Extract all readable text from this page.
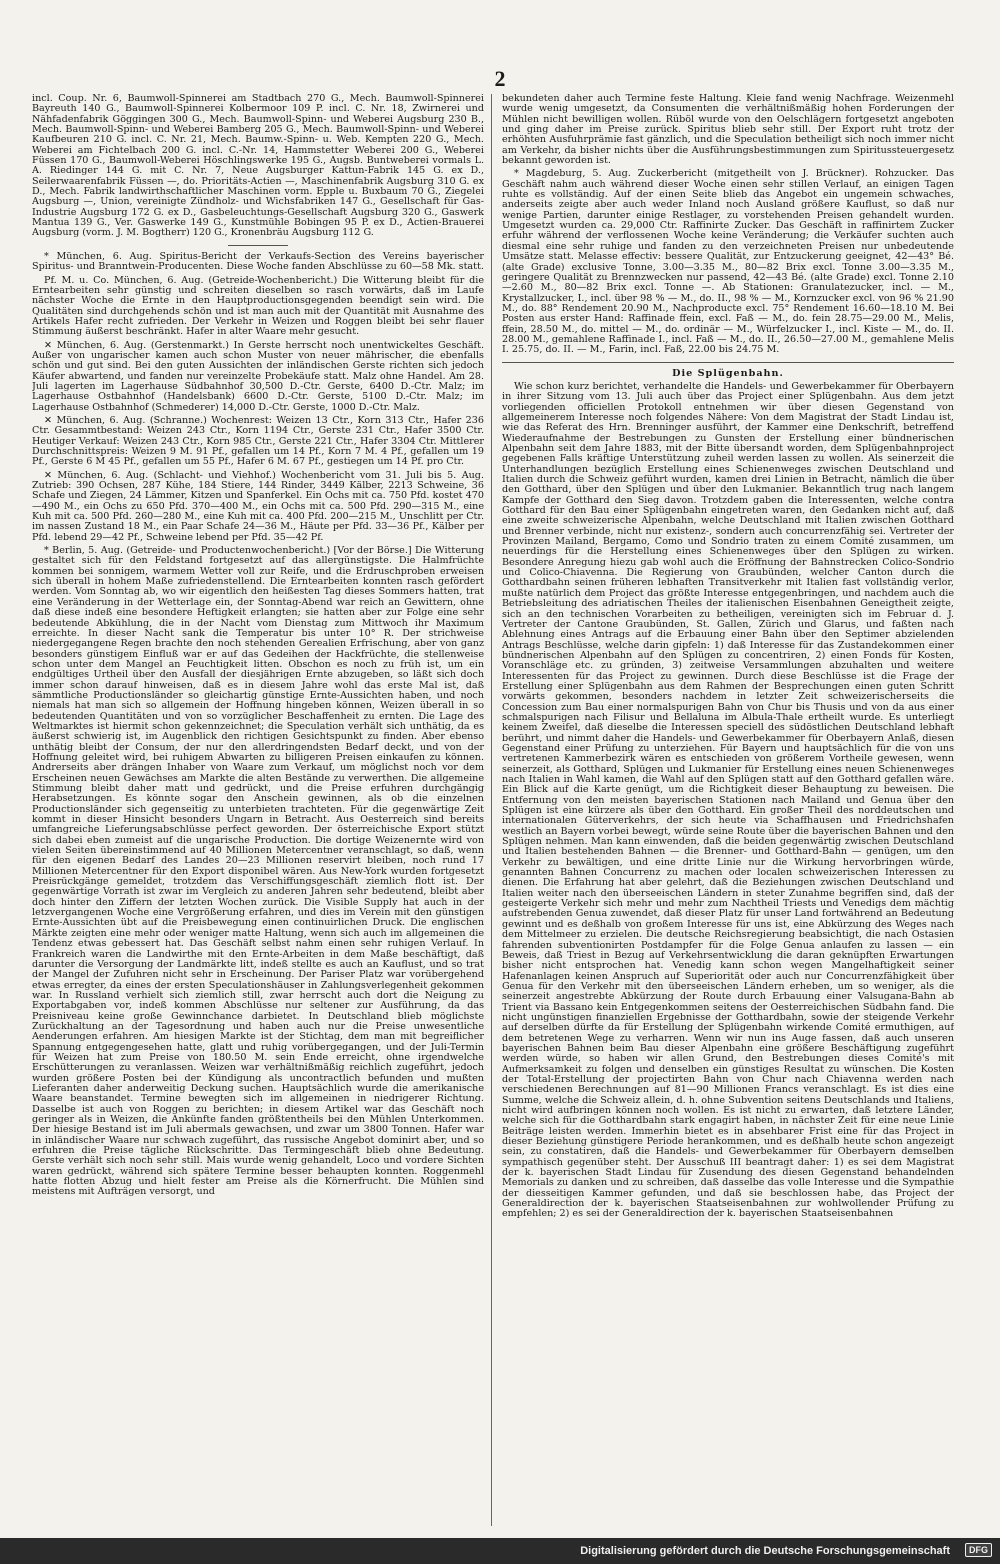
2

incl. Coup. Nr. 6, Baumwoll-Spinnerei am Stadtbach 270 G., Mech. Baumwoll-Spinnerei Bayreuth 140 G., Baumwoll-Spinnerei Kolbermoor 109 P. incl. C. Nr. 18, Zwirnerei und Nähfadenfabrik Göggingen 300 G., Mech. Baumwoll-Spinn- und Weberei Augsburg 230 B., Mech. Baumwoll-Spinn- und Weberei Bamberg 205 G., Mech. Baumwoll-Spinn- und Weberei Kaufbeuren 210 G. incl. C. Nr. 21, Mech. Baumw.-Spinn- u. Web. Kempten 220 G., Mech. Weberei am Fichtelbach 200 G. incl. C.-Nr. 14, Hammstetter Weberei 200 G., Weberei Füssen 170 G., Baumwoll-Weberei Höschlingswerke 195 G., Augsb. Buntweberei vormals L. A. Riedinger 144 G. mit C. Nr. 7, Neue Augsburger Kattun-Fabrik 145 G. ex D., Seilerwaarenfabrik Füssen —, do. Prioritäts-Actien —, Maschinenfabrik Augsburg 310 G. ex D., Mech. Fabrik landwirthschaftlicher Maschinen vorm. Epple u. Buxbaum 70 G., Ziegelei Augsburg —, Union, vereinigte Zündholz- und Wichsfabriken 147 G., Gesellschaft für Gas-Industrie Augsburg 172 G. ex D., Gasbeleuchtungs-Gesellschaft Augsburg 320 G., Gaswerk Mantua 139 G., Ver. Gaswerke 149 G., Kunstmühle Bobingen 95 P. ex D., Actien-Brauerei Augsburg (vorm. J. M. Bogtherr) 120 G., Kronenbräu Augsburg 112 G.

* München, 6. Aug. Spiritus-Bericht der Verkaufs-Section des Vereins bayerischer Spiritus- und Branntwein-Producenten. Diese Woche fanden Abschlüsse zu 60—58 Mk. statt.

Pf. M. u. Co. München, 6. Aug. (Getreide-Wochenbericht.) Die Witterung bleibt für die Erntearbeiten sehr günstig und schreiten dieselben so rasch vorwärts, daß im Laufe nächster Woche die Ernte in den Hauptproductionsgegenden beendigt sein wird. Die Qualitäten sind durchgehends schön und ist man auch mit der Quantität mit Ausnahme des Artikels Hafer recht zufrieden. Der Verkehr in Weizen und Roggen bleibt bei sehr flauer Stimmung äußerst beschränkt. Hafer in alter Waare mehr gesucht.

✕ München, 6. Aug. (Gerstenmarkt.) In Gerste herrscht noch unentwickeltes Geschäft. Außer von ungarischer kamen auch schon Muster von neuer mährischer, die ebenfalls schön und gut sind. Bei den guten Aussichten der inländischen Gerste richten sich jedoch Käufer abwartend, und fanden nur vereinzelte Probekäufe statt. Malz ohne Handel. Am 28. Juli lagerten im Lagerhause Südbahnhof 30,500 D.-Ctr. Gerste, 6400 D.-Ctr. Malz; im Lagerhause Ostbahnhof (Handelsbank) 6600 D.-Ctr. Gerste, 5100 D.-Ctr. Malz; im Lagerhause Ostbahnhof (Schmederer) 14,000 D.-Ctr. Gerste, 1000 D.-Ctr. Malz.

✕ München, 6. Aug. (Schranne.) Wochenrest: Weizen 13 Ctr., Korn 313 Ctr., Hafer 236 Ctr. Gesammtbestand: Weizen 243 Ctr., Korn 1194 Ctr., Gerste 231 Ctr., Hafer 3500 Ctr. Heutiger Verkauf: Weizen 243 Ctr., Korn 985 Ctr., Gerste 221 Ctr., Hafer 3304 Ctr. Mittlerer Durchschnittspreis: Weizen 9 M. 91 Pf., gefallen um 14 Pf., Korn 7 M. 4 Pf., gefallen um 19 Pf., Gerste 6 M 45 Pf., gefallen um 55 Pf., Hafer 6 M. 67 Pf., gestiegen um 14 Pf. pro Ctr.

✕ München, 6. Aug. (Schlacht- und Viehhof.) Wochenbericht vom 31. Juli bis 5. Aug. Zutrieb: 390 Ochsen, 287 Kühe, 184 Stiere, 144 Rinder, 3449 Kälber, 2213 Schweine, 36 Schafe und Ziegen, 24 Lämmer, Kitzen und Spanferkel. Ein Ochs mit ca. 750 Pfd. kostet 470—490 M., ein Ochs zu 650 Pfd. 370—400 M., ein Ochs mit ca. 500 Pfd. 290—315 M., eine Kuh mit ca. 500 Pfd. 260—280 M., eine Kuh mit ca. 400 Pfd. 200—215 M., Unschlitt per Ctr. im nassen Zustand 18 M., ein Paar Schafe 24—36 M., Häute per Pfd. 33—36 Pf., Kälber per Pfd. lebend 29—42 Pf., Schweine lebend per Pfd. 35—42 Pf.

* Berlin, 5. Aug. (Getreide- und Productenwochenbericht.) [Vor der Börse.] Die Witterung gestaltet sich für den Feldstand fortgesetzt auf das allergünstigste. Die Halmfrüchte kommen bei sonnigem, warmem Wetter voll zur Reife, und die Erdruschproben erweisen sich überall in hohem Maße zufriedenstellend. Die Erntearbeiten konnten rasch gefördert werden. Vom Sonntag ab, wo wir eigentlich den heißesten Tag dieses Sommers hatten, trat eine Veränderung in der Wetterlage ein, der Sonntag-Abend war reich an Gewittern, ohne daß diese indeß eine besondere Heftigkeit erlangten; sie hatten aber zur Folge eine sehr bedeutende Abkühlung, die in der Nacht vom Dienstag zum Mittwoch ihr Maximum erreichte. In dieser Nacht sank die Temperatur bis unter 10° R. Der strichweise niedergegangene Regen brachte den noch stehenden Gerealien Erfrischung, aber von ganz besonders günstigem Einfluß war er auf das Gedeihen der Hackfrüchte, die stellenweise schon unter dem Mangel an Feuchtigkeit litten. Obschon es noch zu früh ist, um ein endgültiges Urtheil über den Ausfall der diesjährigen Ernte abzugeben, so läßt sich doch immer schon darauf hinweisen, daß es in diesem Jahre wohl das erste Mal ist, daß sämmtliche Productionsländer so gleichartig günstige Ernte-Aussichten haben, und noch niemals hat man sich so allgemein der Hoffnung hingeben können, Weizen überall in so bedeutenden Quantitäten und von so vorzüglicher Beschaffenheit zu ernten. Die Lage des Weltmarktes ist hiermit schon gekennzeichnet; die Speculation verhält sich unthätig, da es äußerst schwierig ist, im Augenblick den richtigen Gesichtspunkt zu finden. Aber ebenso unthätig bleibt der Consum, der nur den allerdringendsten Bedarf deckt, und von der Hoffnung geleitet wird, bei ruhigem Abwarten zu billigeren Preisen einkaufen zu können. Andrerseits aber drängen Inhaber von Waare zum Verkauf, um möglichst noch vor dem Erscheinen neuen Gewächses am Markte die alten Bestände zu verwerthen. Die allgemeine Stimmung bleibt daher matt und gedrückt, und die Preise erfuhren durchgängig Herabsetzungen. Es könnte sogar den Anschein gewinnen, als ob die einzelnen Productionsländer sich gegenseitig zu unterbieten trachteten. Für die gegenwärtige Zeit kommt in dieser Hinsicht besonders Ungarn in Betracht. Aus Oesterreich sind bereits umfangreiche Lieferungsabschlüsse perfect geworden. Der österreichische Export stützt sich dabei eben zumeist auf die ungarische Production. Die dortige Weizenernte wird von vielen Seiten übereinstimmend auf 40 Millionen Metercentner veranschlagt, so daß, wenn für den eigenen Bedarf des Landes 20—23 Millionen reservirt bleiben, noch rund 17 Millionen Metercentner für den Export disponibel wären. Aus New-York wurden fortgesetzt Preisrückgänge gemeldet, trotzdem das Verschiffungsgeschäft ziemlich flott ist. Der gegenwärtige Vorrath ist zwar im Vergleich zu anderen Jahren sehr bedeutend, bleibt aber doch hinter den Ziffern der letzten Wochen zurück. Die Visible Supply hat auch in der letzvergangenen Woche eine Vergrößerung erfahren, und dies im Verein mit den günstigen Ernte-Aussichten übt auf die Preisbewegung einen continuirlichen Druck. Die englischen Märkte zeigten eine mehr oder weniger matte Haltung, wenn sich auch im allgemeinen die Tendenz etwas gebessert hat. Das Geschäft selbst nahm einen sehr ruhigen Verlauf. In Frankreich waren die Landwirthe mit den Ernte-Arbeiten in dem Maße beschäftigt, daß darunter die Versorgung der Landmärkte litt, indeß stellte es auch an Kauflust, und so trat der Mangel der Zufuhren nicht sehr in Erscheinung. Der Pariser Platz war vorübergehend etwas erregter, da eines der ersten Speculationshäuser in Zahlungsverlegenheit gekommen war. In Russland verhielt sich ziemlich still, zwar herrscht auch dort die Neigung zu Exportabgaben vor, indeß kommen Abschlüsse nur seltener zur Ausführung, da das Preisniveau keine große Gewinnchance darbietet. In Deutschland blieb möglichste Zurückhaltung an der Tagesordnung und haben auch nur die Preise unwesentliche Aenderungen erfahren. Am hiesigen Markte ist der Stichtag, dem man mit begreiflicher Spannung entgegengesehen hatte, glatt und ruhig vorübergegangen, und der Juli-Termin für Weizen hat zum Preise von 180.50 M. sein Ende erreicht, ohne irgendwelche Erschütterungen zu veranlassen. Weizen war verhältnißmäßig reichlich zugeführt, jedoch wurden größere Posten bei der Kündigung als uncontractlich befunden und mußten Lieferanten daher anderweitig Deckung suchen. Hauptsächlich wurde die amerikanische Waare beanstandet. Termine bewegten sich im allgemeinen in niedrigerer Richtung. Dasselbe ist auch von Roggen zu berichten; in diesem Artikel war das Geschäft noch geringer als in Weizen, die Ankünfte fanden größtentheils bei den Mühlen Unterkommen. Der hiesige Bestand ist im Juli abermals gewachsen, und zwar um 3800 Tonnen. Hafer war in inländischer Waare nur schwach zugeführt, das russische Angebot dominirt aber, und so erfuhren die Preise tägliche Rückschritte. Das Termingeschäft blieb ohne Bedeutung. Gerste verhält sich noch sehr still. Mais wurde wenig gehandelt, Loco und vordere Sichten waren gedrückt, während sich spätere Termine besser behaupten konnten. Roggenmehl hatte flotten Abzug und hielt fester am Preise als die Körnerfrucht. Die Mühlen sind meistens mit Aufträgen versorgt, und

bekundeten daher auch Termine feste Haltung. Kleie fand wenig Nachfrage. Weizenmehl wurde wenig umgesetzt, da Consumenten die verhältnißmäßig hohen Forderungen der Mühlen nicht bewilligen wollen. Rüböl wurde von den Oelschlägern fortgesetzt angeboten und ging daher im Preise zurück. Spiritus blieb sehr still. Der Export ruht trotz der erhöhten Ausfuhrprämie fast gänzlich, und die Speculation betheiligt sich noch immer nicht am Verkehr, da bisher nichts über die Ausführungsbestimmungen zum Spiritussteuergesetz bekannt geworden ist.

* Magdeburg, 5. Aug. Zuckerbericht (mitgetheilt von J. Brückner). Rohzucker. Das Geschäft nahm auch während dieser Woche einen sehr stillen Verlauf, an einigen Tagen ruhte es vollständig. Auf der einen Seite blieb das Angebot ein ungemein schwaches, anderseits zeigte aber auch weder Inland noch Ausland größere Kauflust, so daß nur wenige Partien, darunter einige Restlager, zu vorstehenden Preisen gehandelt wurden. Umgesetzt wurden ca. 29,000 Ctr. Raffinirte Zucker. Das Geschäft in raffinirtem Zucker erfuhr während der verflossenen Woche keine Veränderung; die Verkäufer suchten auch diesmal eine sehr ruhige und fanden zu den verzeichneten Preisen nur unbedeutende Umsätze statt. Melasse effectiv: bessere Qualität, zur Entzuckerung geeignet, 42—43° Bé. (alte Grade) exclusive Tonne, 3.00—3.35 M., 80—82 Brix excl. Tonne 3.00—3.35 M., geringere Qualität zu Brennzwecken nur passend, 42—43 Bé. (alte Grade) excl. Tonne 2.10—2.60 M., 80—82 Brix excl. Tonne —. Ab Stationen: Granulatezucker, incl. — M., Krystallzucker, I., incl. über 98 % — M., do. II., 98 % — M., Kornzucker excl. von 96 % 21.90 M., do. 88° Rendement 20.90 M., Nachproducte excl. 75° Rendement 16.60—18.10 M. Bei Posten aus erster Hand: Raffinade ffein, excl. Faß — M., do. fein 28.75—29.00 M., Melis, ffein, 28.50 M., do. mittel — M., do. ordinär — M., Würfelzucker I., incl. Kiste — M., do. II. 28.00 M., gemahlene Raffinade I., incl. Faß — M., do. II., 26.50—27.00 M., gemahlene Melis I. 25.75, do. II. — M., Farin, incl. Faß, 22.00 bis 24.75 M.

Die Splügenbahn.

Wie schon kurz berichtet, verhandelte die Handels- und Gewerbekammer für Oberbayern in ihrer Sitzung vom 13. Juli auch über das Project einer Splügenbahn. Aus dem jetzt vorliegenden officiellen Protokoll entnehmen wir über diesen Gegenstand von allgemeinerem Interesse noch folgendes Nähere: Von dem Magistrat der Stadt Lindau ist, wie das Referat des Hrn. Brenninger ausführt, der Kammer eine Denkschrift, betreffend Wiederaufnahme der Bestrebungen zu Gunsten der Erstellung einer bündnerischen Alpenbahn seit dem Jahre 1883, mit der Bitte übersandt worden, dem Splügenbahnproject gegebenen Falls kräftige Unterstützung zuheil werden lassen zu wollen. Als seinerzeit die Unterhandlungen bezüglich Erstellung eines Schienenweges zwischen Deutschland und Italien durch die Schweiz geführt wurden, kamen drei Linien in Betracht, nämlich die über den Gotthard, über den Splügen und über den Lukmanier. Bekanntlich trug nach langem Kampfe der Gotthard den Sieg davon. Trotzdem gaben die Interessenten, welche contra Gotthard für den Bau einer Splügenbahn eingetreten waren, den Gedanken nicht auf, daß eine zweite schweizerische Alpenbahn, welche Deutschland mit Italien zwischen Gotthard und Brenner verbinde, nicht nur existenz-, sondern auch concurrenzfähig sei. Vertreter der Provinzen Mailand, Bergamo, Como und Sondrio traten zu einem Comité zusammen, um neuerdings für die Herstellung eines Schienenweges über den Splügen zu wirken. Besondere Anregung hiezu gab wohl auch die Eröffnung der Bahnstrecken Colico-Sondrio und Colico-Chiavenna. Die Regierung von Graubünden, welcher Canton durch die Gotthardbahn seinen früheren lebhaften Transitverkehr mit Italien fast vollständig verlor, mußte natürlich dem Project das größte Interesse entgegenbringen, und nachdem auch die Betriebsleitung des adriatischen Theiles der italienischen Eisenbahnen Geneigtheit zeigte, sich an den technischen Vorarbeiten zu betheiligen, vereinigten sich im Februar d. J. Vertreter der Cantone Graubünden, St. Gallen, Zürich und Glarus, und faßten nach Ablehnung eines Antrags auf die Erbauung einer Bahn über den Septimer abzielenden Antrags Beschlüsse, welche darin gipfeln: 1) daß Interesse für das Zustandekommen einer bündnerischen Alpenbahn auf den Splügen zu concentriren, 2) einen Fonds für Kosten, Voranschläge etc. zu gründen, 3) zeitweise Versammlungen abzuhalten und weitere Interessenten für das Project zu gewinnen. Durch diese Beschlüsse ist die Frage der Erstellung einer Splügenbahn aus dem Rahmen der Besprechungen einen guten Schritt vorwärts gekommen, besonders nachdem in letzter Zeit schweizerischerseits die Concession zum Bau einer normalspurigen Bahn von Chur bis Thusis und von da aus einer schmalspurigen nach Filisur und Bellaluna im Albula-Thale ertheilt wurde. Es unterliegt keinem Zweifel, daß dieselbe die Interessen speciell des südöstlichen Deutschland lebhaft berührt, und nimmt daher die Handels- und Gewerbekammer für Oberbayern Anlaß, diesen Gegenstand einer Prüfung zu unterziehen. Für Bayern und hauptsächlich für die von uns vertretenen Kammerbezirk wären es entschieden von größerem Vortheile gewesen, wenn seinerzeit, als Gotthard, Splügen und Lukmanier für Erstellung eines neuen Schienenweges nach Italien in Wahl kamen, die Wahl auf den Splügen statt auf den Gotthard gefallen wäre. Ein Blick auf die Karte genügt, um die Richtigkeit dieser Behauptung zu beweisen. Die Entfernung von den meisten bayerischen Stationen nach Mailand und Genua über den Splügen ist eine kürzere als über den Gotthard. Ein großer Theil des norddeutschen und internationalen Güterverkehrs, der sich heute via Schaffhausen und Friedrichshafen westlich an Bayern vorbei bewegt, würde seine Route über die bayerischen Bahnen und den Splügen nehmen. Man kann einwenden, daß die beiden gegenwärtig zwischen Deutschland und Italien bestehenden Bahnen — die Brenner- und Gotthard-Bahn — genügen, um den Verkehr zu bewältigen, und eine dritte Linie nur die Wirkung hervorbringen würde, genannten Bahnen Concurrenz zu machen oder localen schweizerischen Interessen zu dienen. Die Erfahrung hat aber gelehrt, daß die Beziehungen zwischen Deutschland und Italien weiter nach den überseeischen Ländern in steter Zunahme begriffen sind, daß der gesteigerte Verkehr sich mehr und mehr zum Nachtheil Triests und Venedigs dem mächtig aufstrebenden Genua zuwendet, daß dieser Platz für unser Land fortwährend an Bedeutung gewinnt und es deßhalb von großem Interesse für uns ist, eine Abkürzung des Weges nach dem Mittelmeer zu erzielen. Die deutsche Reichsregierung beabsichtigt, die nach Ostasien fahrenden subventionirten Postdampfer für die Folge Genua anlaufen zu lassen — ein Beweis, daß Triest in Bezug auf Verkehrsentwicklung die daran geknüpften Erwartungen bisher nicht entsprochen hat. Venedig kann schon wegen Mangelhaftigkeit seiner Hafenanlagen keinen Anspruch auf Superiorität oder auch nur Concurrenzfähigkeit über Genua für den Verkehr mit den überseeischen Ländern erheben, um so weniger, als die seinerzeit angestrebte Abkürzung der Route durch Erbauung einer Valsugana-Bahn ab Trient via Bassano kein Entgegenkommen seitens der Oesterreichischen Südbahn fand. Die nicht ungünstigen finanziellen Ergebnisse der Gotthardbahn, sowie der steigende Verkehr auf derselben dürfte da für Erstellung der Splügenbahn wirkende Comité ermuthigen, auf dem betretenen Wege zu verharren. Wenn wir nun ins Auge fassen, daß auch unseren bayerischen Bahnen beim Bau dieser Alpenbahn eine größere Beschäftigung zugeführt werden würde, so haben wir allen Grund, den Bestrebungen dieses Comité's mit Aufmerksamkeit zu folgen und denselben ein günstiges Resultat zu wünschen. Die Kosten der Total-Erstellung der projectirten Bahn von Chur nach Chiavenna werden nach verschiedenen Berechnungen auf 81—90 Millionen Francs veranschlagt. Es ist dies eine Summe, welche die Schweiz allein, d. h. ohne Subvention seitens Deutschlands und Italiens, nicht wird aufbringen können noch wollen. Es ist nicht zu erwarten, daß letztere Länder, welche sich für die Gotthardbahn stark engagirt haben, in nächster Zeit für eine neue Linie Beiträge leisten werden. Immerhin bietet es in absehbarer Frist eine für das Project in dieser Beziehung günstigere Periode herankommen, und es deßhalb heute schon angezeigt sein, zu constatiren, daß die Handels- und Gewerbekammer für Oberbayern demselben sympathisch gegenüber steht. Der Ausschuß III beantragt daher: 1) es sei dem Magistrat der k. bayerischen Stadt Lindau für Zusendung des diesen Gegenstand behandelnden Memorials zu danken und zu schreiben, daß dasselbe das volle Interesse und die Sympathie der diesseitigen Kammer gefunden, und daß sie beschlossen habe, das Project der Generaldirection der k. bayerischen Staatseisenbahnen zur wohlwollender Prüfung zu empfehlen; 2) es sei der Generaldirection der k. bayerischen Staatseisenbahnen

Digitalisierung gefördert durch die Deutsche Forschungsgemeinschaft	DFG
